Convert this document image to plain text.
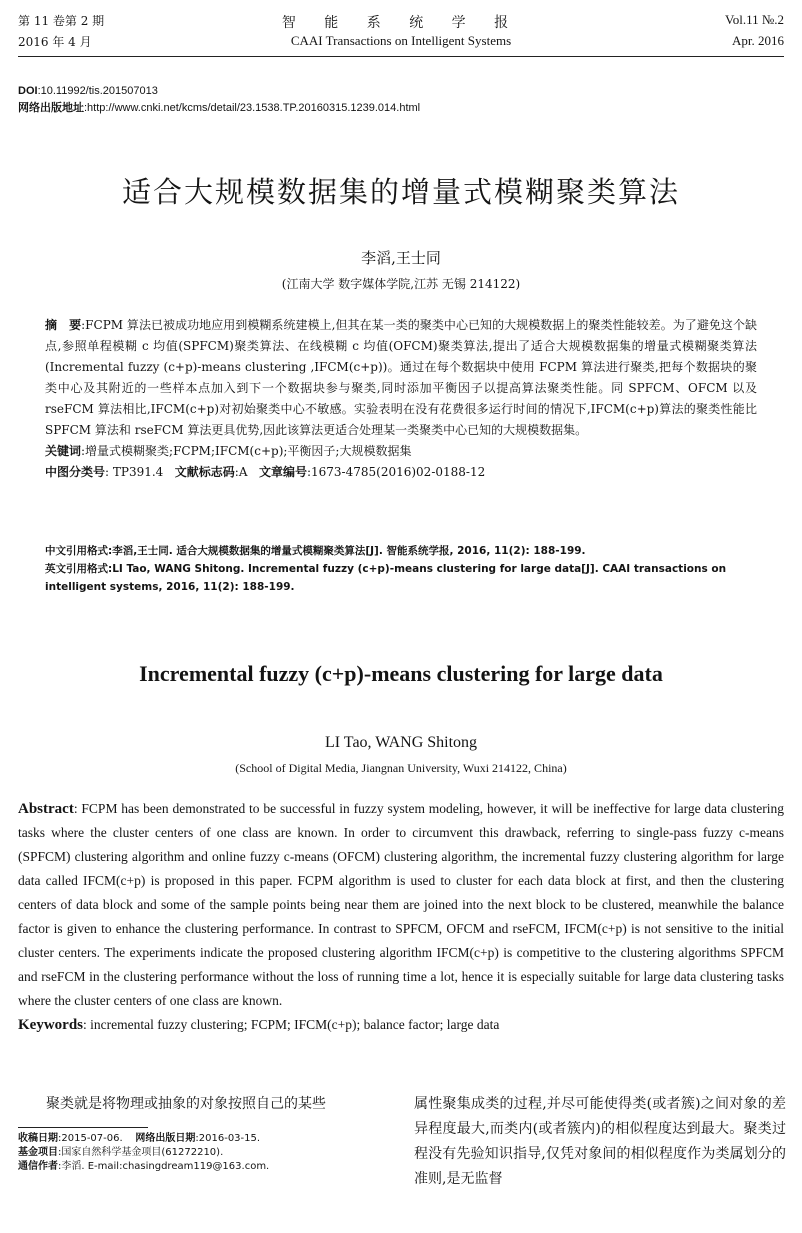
第 11 卷第 2 期	智 能 系 统 学 报	Vol.11 №.2
2016 年 4 月	CAAI Transactions on Intelligent Systems	Apr. 2016
DOI:10.11992/tis.201507013
网络出版地址:http://www.cnki.net/kcms/detail/23.1538.TP.20160315.1239.014.html
适合大规模数据集的增量式模糊聚类算法
李滔,王士同
(江南大学 数字媒体学院,江苏 无锡 214122)

摘　要:FCPM 算法已被成功地应用到模糊系统建模上,但其在某一类的聚类中心已知的大规模数据上的聚类性能较差。为了避免这个缺点,参照单程模糊 c 均值(SPFCM)聚类算法、在线模糊 c 均值(OFCM)聚类算法,提出了适合大规模数据集的增量式模糊聚类算法(Incremental fuzzy (c+p)-means clustering ,IFCM(c+p))。通过在每个数据块中使用 FCPM 算法进行聚类,把每个数据块的聚类中心及其附近的一些样本点加入到下一个数据块参与聚类,同时添加平衡因子以提高算法聚类性能。同 SPFCM、OFCM 以及 rseFCM 算法相比,IFCM(c+p)对初始聚类中心不敏感。实验表明在没有花费很多运行时间的情况下,IFCM(c+p)算法的聚类性能比 SPFCM 算法和 rseFCM 算法更具优势,因此该算法更适合处理某一类聚类中心已知的大规模数据集。

关键词:增量式模糊聚类;FCPM;IFCM(c+p);平衡因子;大规模数据集

中图分类号: TP391.4 文献标志码:A 文章编号:1673-4785(2016)02-0188-12

中文引用格式:李滔,王士同. 适合大规模数据集的增量式模糊聚类算法[J]. 智能系统学报, 2016, 11(2): 188-199.

英文引用格式:LI Tao, WANG Shitong. Incremental fuzzy (c+p)-means clustering for large data[J]. CAAI transactions on intelligent systems, 2016, 11(2): 188-199.

Incremental fuzzy (c+p)-means clustering for large data
LI Tao, WANG Shitong
(School of Digital Media, Jiangnan University, Wuxi 214122, China)

Abstract: FCPM has been demonstrated to be successful in fuzzy system modeling, however, it will be ineffective for large data clustering tasks where the cluster centers of one class are known. In order to circumvent this drawback, referring to single-pass fuzzy c-means (SPFCM) clustering algorithm and online fuzzy c-means (OFCM) clustering algorithm, the incremental fuzzy clustering algorithm for large data called IFCM(c+p) is proposed in this paper. FCPM algorithm is used to cluster for each data block at first, and then the clustering centers of data block and some of the sample points being near them are joined into the next block to be clustered, meanwhile the balance factor is given to enhance the clustering performance. In contrast to SPFCM, OFCM and rseFCM, IFCM(c+p) is not sensitive to the initial cluster centers. The experiments indicate the proposed clustering algorithm IFCM(c+p) is competitive to the clustering algorithms SPFCM and rseFCM in the clustering performance without the loss of running time a lot, hence it is especially suitable for large data clustering tasks where the cluster centers of one class are known.

Keywords: incremental fuzzy clustering; FCPM; IFCM(c+p); balance factor; large data

聚类就是将物理或抽象的对象按照自己的某些

收稿日期:2015-07-06. 网络出版日期:2016-03-15.
基金项目:国家自然科学基金项目(61272210).
通信作者:李滔. E-mail:chasingdream119@163.com.

属性聚集成类的过程,并尽可能使得类(或者簇)之间对象的差异程度最大,而类内(或者簇内)的相似程度达到最大。聚类过程没有先验知识指导,仅凭对象间的相似程度作为类属划分的准则,是无监督
